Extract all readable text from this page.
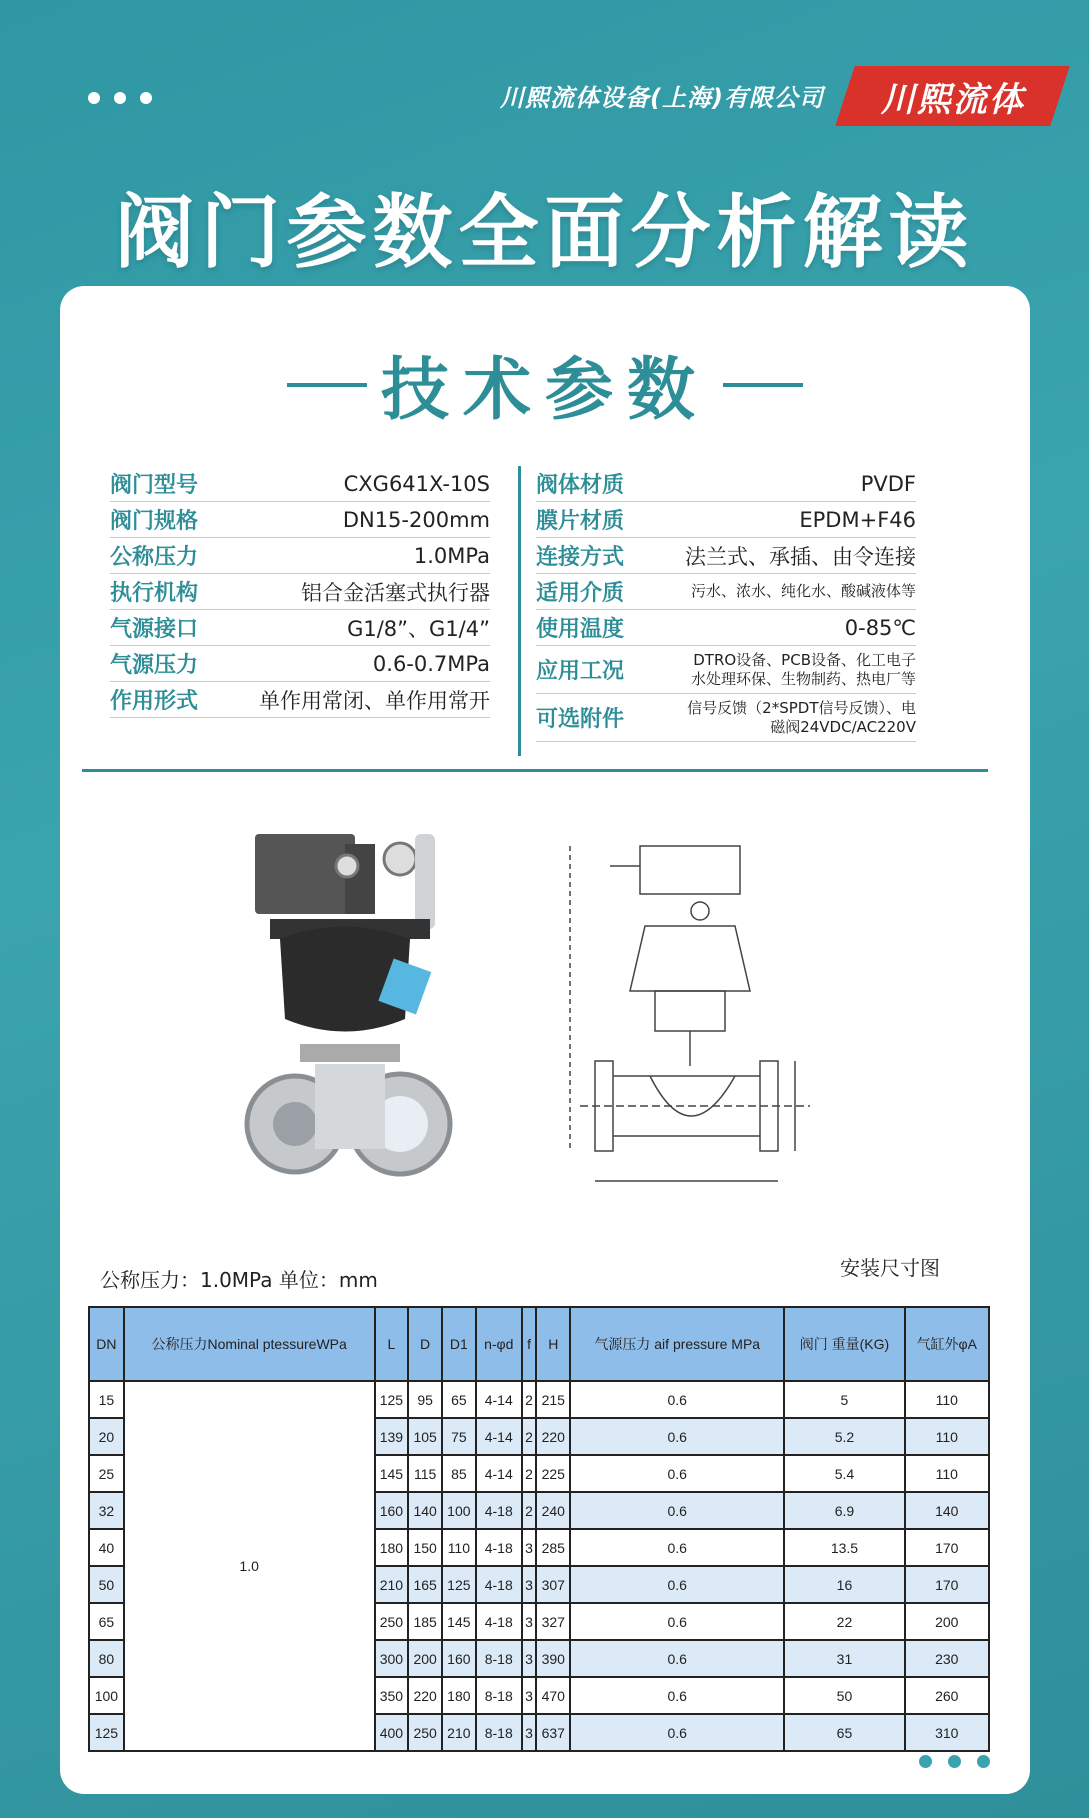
川熙流体设备(上海)有限公司 川熙流体
阀门参数全面分析解读
技术参数
阀门型号	CXG641X-10S
阀门规格	DN15-200mm
公称压力	1.0MPa
执行机构	铝合金活塞式执行器
气源接口	G1/8”、G1/4”
气源压力	0.6-0.7MPa
作用形式	单作用常闭、单作用常开
阀体材质	PVDF
膜片材质	EPDM+F46
连接方式	法兰式、承插、由令连接
适用介质	污水、浓水、纯化水、酸碱液体等
使用温度	0-85℃
应用工况	DTRO设备、PCB设备、化工电子水处理环保、生物制药、热电厂等
可选附件	信号反馈（2*SPDT信号反馈）、电磁阀24VDC/AC220V
公称压力：1.0MPa 单位：mm	安装尺寸图
DN	公称压力Nominal ptessureWPa	L	D	D1	n-φd	f	H	气源压力 aif pressure MPa	阀门 重量(KG)	气缸外φA
15	1.0	125	95	65	4-14	2	215	0.6	5	110
20		139	105	75	4-14	2	220	0.6	5.2	110
25		145	115	85	4-14	2	225	0.6	5.4	110
32		160	140	100	4-18	2	240	0.6	6.9	140
40		180	150	110	4-18	3	285	0.6	13.5	170
50		210	165	125	4-18	3	307	0.6	16	170
65		250	185	145	4-18	3	327	0.6	22	200
80		300	200	160	8-18	3	390	0.6	31	230
100		350	220	180	8-18	3	470	0.6	50	260
125		400	250	210	8-18	3	637	0.6	65	310
